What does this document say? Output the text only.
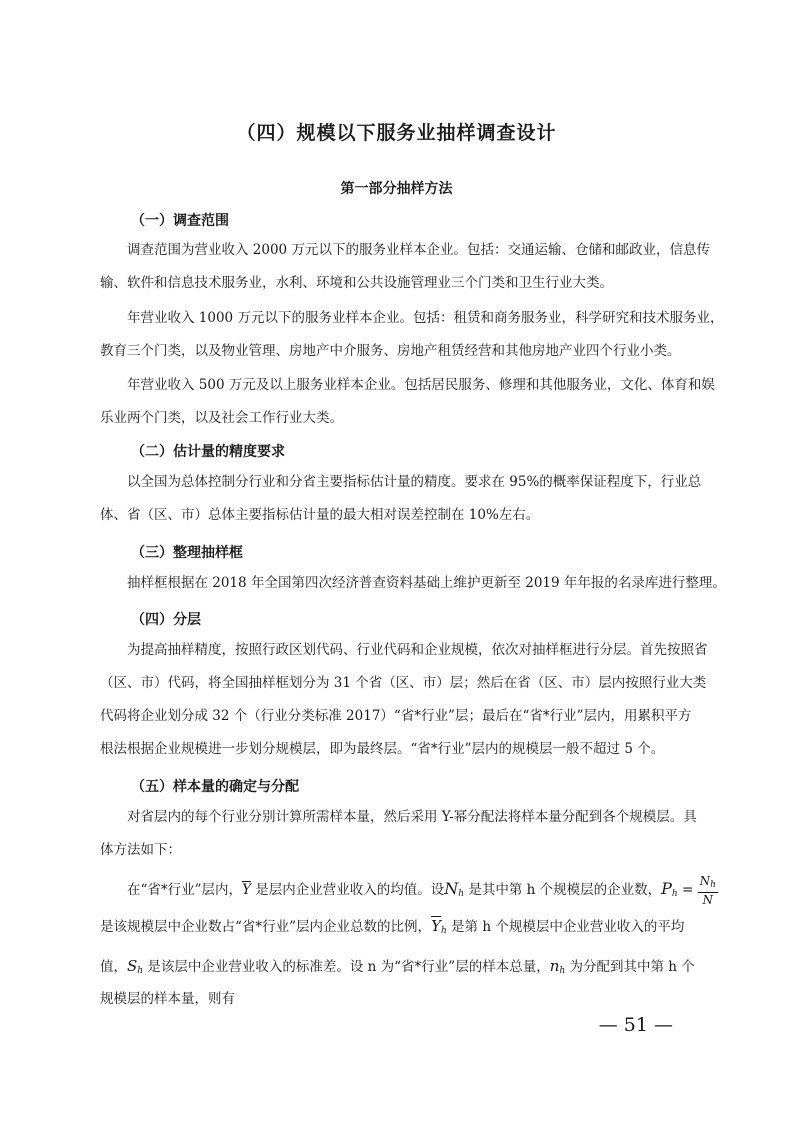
（四）规模以下服务业抽样调查设计
第一部分抽样方法
（一）调查范围
调查范围为营业收入 2000 万元以下的服务业样本企业。包括：交通运输、仓储和邮政业，信息传
输、软件和信息技术服务业，水利、环境和公共设施管理业三个门类和卫生行业大类。
年营业收入 1000 万元以下的服务业样本企业。包括：租赁和商务服务业，科学研究和技术服务业，
教育三个门类，以及物业管理、房地产中介服务、房地产租赁经营和其他房地产业四个行业小类。
年营业收入 500 万元及以上服务业样本企业。包括居民服务、修理和其他服务业，文化、体育和娱
乐业两个门类，以及社会工作行业大类。
（二）估计量的精度要求
以全国为总体控制分行业和分省主要指标估计量的精度。要求在 95%的概率保证程度下，行业总
体、省（区、市）总体主要指标估计量的最大相对误差控制在 10%左右。
（三）整理抽样框
抽样框根据在 2018 年全国第四次经济普查资料基础上维护更新至 2019 年年报的名录库进行整理。
（四）分层
为提高抽样精度，按照行政区划代码、行业代码和企业规模，依次对抽样框进行分层。首先按照省
（区、市）代码，将全国抽样框划分为 31 个省（区、市）层；然后在省（区、市）层内按照行业大类
代码将企业划分成 32 个（行业分类标准 2017）“省*行业”层；最后在“省*行业”层内，用累积平方
根法根据企业规模进一步划分规模层，即为最终层。“省*行业”层内的规模层一般不超过 5 个。
（五）样本量的确定与分配
对省层内的每个行业分别计算所需样本量，然后采用 Y-幂分配法将样本量分配到各个规模层。具
体方法如下：
在“省*行业”层内，$\overline{Y}$ 是层内企业营业收入的均值。设$N_h$ 是其中第 h 个规模层的企业数，$P_h = \frac{N_h}{N}$
是该规模层中企业数占“省*行业”层内企业总数的比例，$\overline{Y}_h$ 是第 h 个规模层中企业营业收入的平均
值，$S_h$ 是该层中企业营业收入的标准差。设 n 为“省*行业”层的样本总量，$n_h$ 为分配到其中第 h 个
规模层的样本量，则有
— 51 —
